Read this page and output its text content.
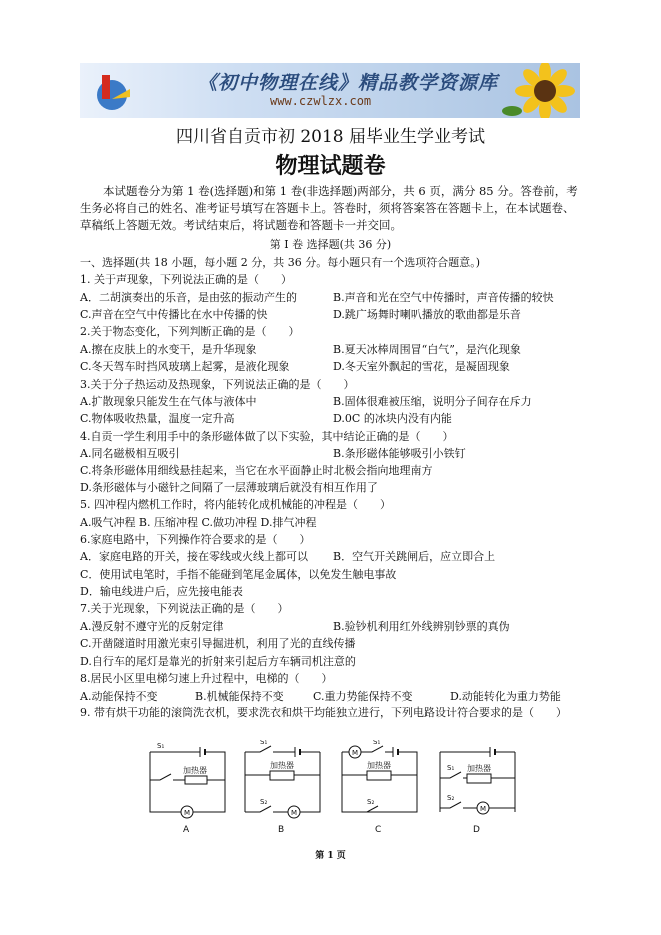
《初中物理在线》精品教学资源库
www.czwlzx.com
四川省自贡市初 2018 届毕业生学业考试
物理试题卷
本试题卷分为第 1 卷(选择题)和第 1 卷(非选择题)两部分，共 6 页，满分 85 分。答卷前，考生务必将自己的姓名、准考证号填写在答题卡上。答卷时，须将答案答在答题卡上，在本试题卷、草稿纸上答题无效。考试结束后，将试题卷和答题卡一并交回。
第 I 卷 选择题(共 36 分)
一、选择题(共 18 小题，每小题 2 分，共 36 分。每小题只有一个选项符合题意。)
1. 关于声现象，下列说法正确的是（　　）
A．二胡演奏出的乐音，是由弦的振动产生的	B.声音和光在空气中传播时，声音传播的较快
C.声音在空气中传播比在水中传播的快	D.跳广场舞时喇叭播放的歌曲都是乐音
2.关于物态变化，下列判断正确的是（　　）
A.擦在皮肤上的水变干，是升华现象	B.夏天冰棒周围冒“白气”，是汽化现象
C.冬天驾车时挡风玻璃上起雾，是液化现象	D.冬天室外飘起的雪花，是凝固现象
3.关于分子热运动及热现象，下列说法正确的是（　　）
A.扩散现象只能发生在气体与液体中	B.固体很难被压缩，说明分子间存在斥力
C.物体吸收热量，温度一定升高	D.0C 的冰块内没有内能
4.自贡一学生利用手中的条形磁体做了以下实验，其中结论正确的是（　　）
A.同名磁极相互吸引	B.条形磁体能够吸引小铁钉
C.将条形磁体用细线悬挂起来，当它在水平面静止时北极会指向地理南方
D.条形磁体与小磁针之间隔了一层薄玻璃后就没有相互作用了
5. 四冲程内燃机工作时，将内能转化成机械能的冲程是（　　）
A.吸气冲程 B. 压缩冲程 C.做功冲程 D.排气冲程
6.家庭电路中，下列操作符合要求的是（　　）
A．家庭电路的开关，接在零线或火线上都可以 B．空气开关跳闸后，应立即合上
C．使用试电笔时，手指不能碰到笔尾金属体，以免发生触电事故
D．输电线进户后，应先接电能表
7.关于光现象，下列说法正确的是（　　）
A.漫反射不遵守光的反射定律	B.验钞机利用红外线辨别钞票的真伪
C.开凿隧道时用激光束引导掘进机，利用了光的直线传播
D.自行车的尾灯是靠光的折射来引起后方车辆司机注意的
8.居民小区里电梯匀速上升过程中，电梯的（　　）
A.动能保持不变	B.机械能保持不变	C.重力势能保持不变	D.动能转化为重力势能
9. 带有烘干功能的滚筒洗衣机，要求洗衣和烘干均能独立进行，下列电路设计符合要求的是（　　）
A
加热器
M
S₁
B
加热器
M
S₁
S₂
C
加热器
M
S₁
S₂
D
加热器
M
S₁
S₂
第 1 页
